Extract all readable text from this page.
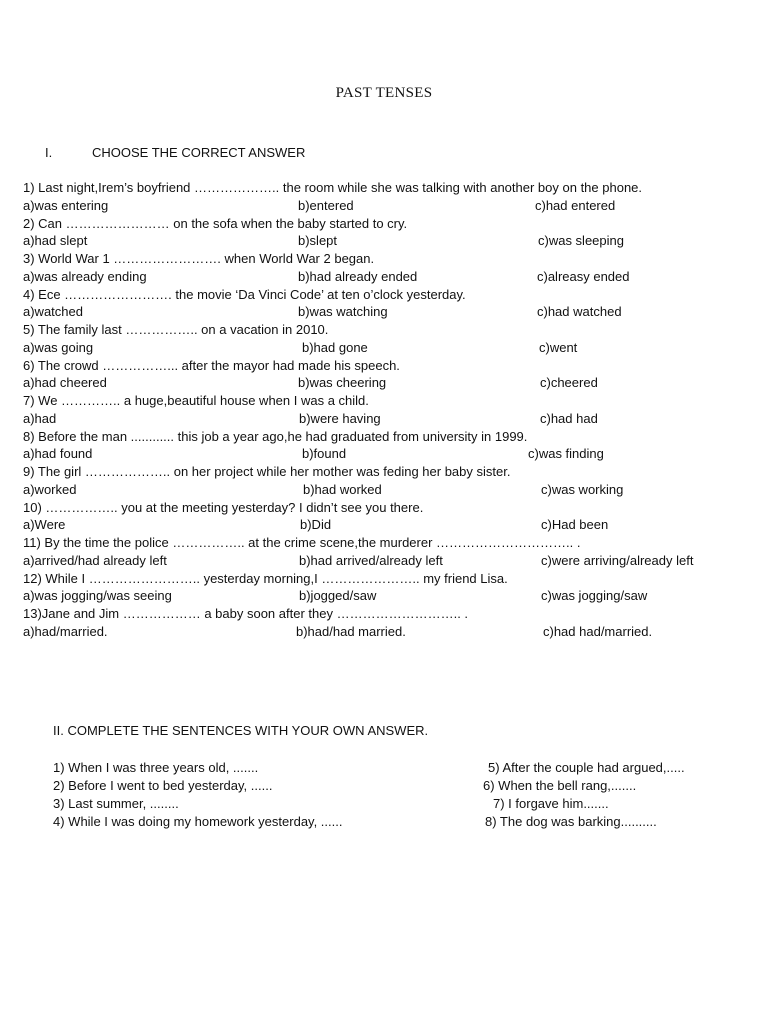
PAST TENSES
I.	CHOOSE THE CORRECT ANSWER
1) Last night,Irem’s boyfriend ……………….. the room while she was talking with another boy on the phone.
a)was entering	b)entered	c)had entered
2) Can …………………… on the sofa when the baby started to cry.
a)had slept	b)slept	c)was sleeping
3) World War 1 ……………………. when World War 2 began.
a)was already ending	b)had already ended	c)alreasy ended
4) Ece ……………………. the movie ‘Da Vinci Code’ at ten o’clock yesterday.
a)watched	b)was watching	c)had watched
5) The family last …………….. on a vacation in 2010.
a)was going	b)had gone	c)went
6) The crowd ……………... after the mayor had made his speech.
a)had cheered	b)was cheering	c)cheered
7) We ………….. a huge,beautiful house when I was a child.
a)had	b)were having	c)had had
8) Before the man ............ this job a year ago,he had graduated from university in 1999.
a)had found	b)found	c)was finding
9) The girl ……………….. on her project while her mother was feding her baby sister.
a)worked	b)had worked	c)was working
10) …………….. you at the meeting yesterday? I didn’t see you there.
a)Were	b)Did	c)Had been
11) By the time the police …………….. at the crime scene,the murderer ………………………….. .
a)arrived/had already left	b)had arrived/already left	c)were arriving/already left
12) While I …………………….. yesterday morning,I ………………….. my friend Lisa.
a)was jogging/was seeing	b)jogged/saw	c)was jogging/saw
13)Jane and Jim ……………… a baby soon after they ……………………….. .
a)had/married.	b)had/had married.	c)had had/married.
II. COMPLETE THE SENTENCES WITH YOUR OWN ANSWER.
1) When I was three years old, .......
2) Before I went to bed yesterday, ......
3) Last summer, ........
4) While I was doing my homework yesterday, ......
5) After the couple had argued,.....
6) When the bell rang,.......
7) I forgave him.......
8) The dog was barking..........
